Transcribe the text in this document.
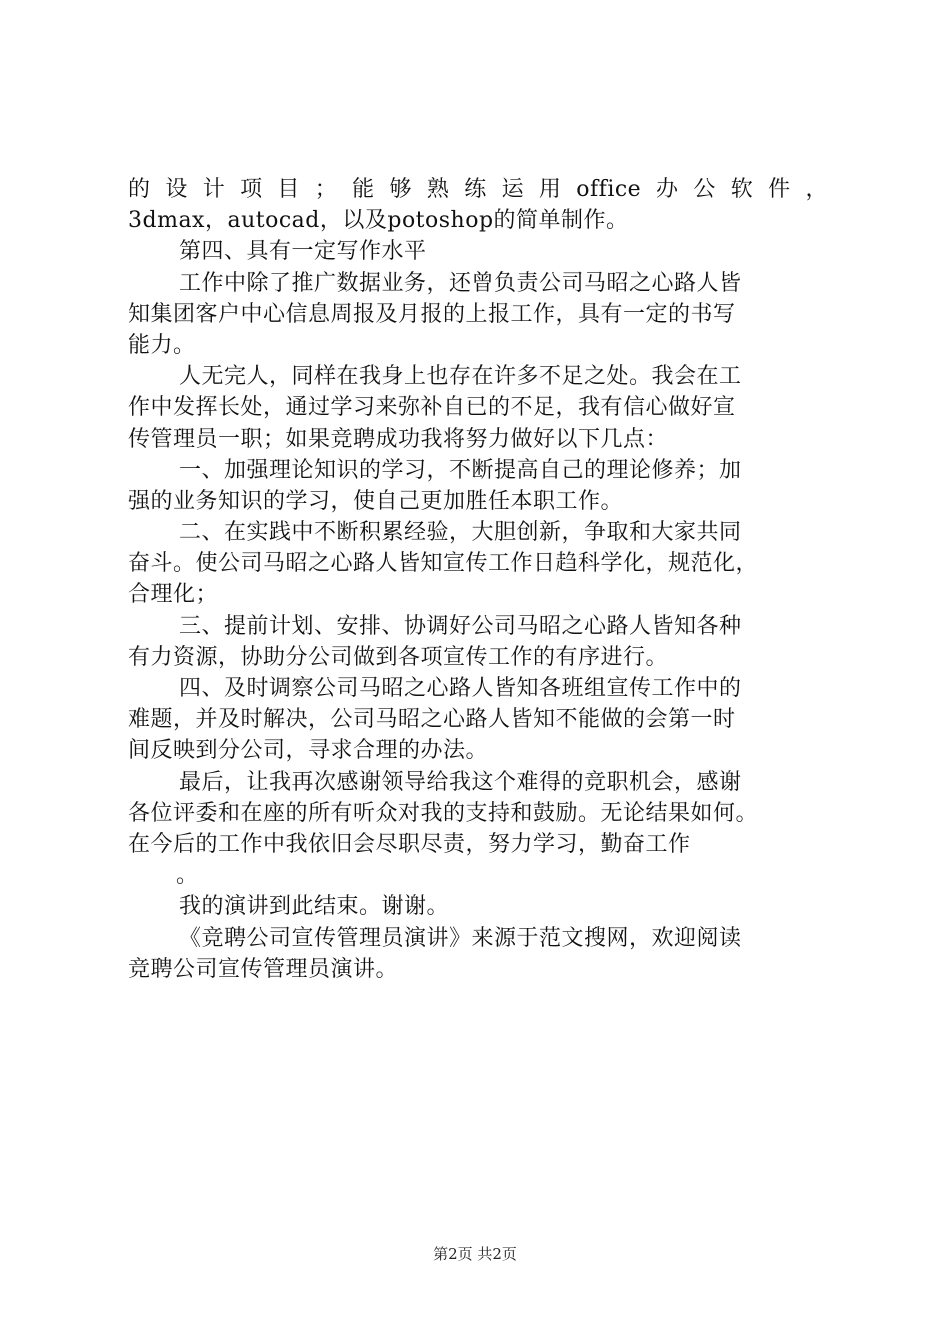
的设计项目；能够熟练运用office办公软件，
3dmax，autocad，以及potoshop的简单制作。
第四、具有一定写作水平
工作中除了推广数据业务，还曾负责公司马昭之心路人皆
知集团客户中心信息周报及月报的上报工作，具有一定的书写
能力。
人无完人，同样在我身上也存在许多不足之处。我会在工
作中发挥长处，通过学习来弥补自已的不足，我有信心做好宣
传管理员一职；如果竞聘成功我将努力做好以下几点：
一、加强理论知识的学习，不断提高自己的理论修养；加
强的业务知识的学习，使自己更加胜任本职工作。
二、在实践中不断积累经验，大胆创新，争取和大家共同
奋斗。使公司马昭之心路人皆知宣传工作日趋科学化，规范化，
合理化；
三、提前计划、安排、协调好公司马昭之心路人皆知各种
有力资源，协助分公司做到各项宣传工作的有序进行。
四、及时调察公司马昭之心路人皆知各班组宣传工作中的
难题，并及时解决，公司马昭之心路人皆知不能做的会第一时
间反映到分公司，寻求合理的办法。
最后，让我再次感谢领导给我这个难得的竞职机会，感谢
各位评委和在座的所有听众对我的支持和鼓励。无论结果如何。
在今后的工作中我依旧会尽职尽责，努力学习，勤奋工作
。
我的演讲到此结束。谢谢。
《竞聘公司宣传管理员演讲》来源于范文搜网，欢迎阅读
竞聘公司宣传管理员演讲。
第2页 共2页
